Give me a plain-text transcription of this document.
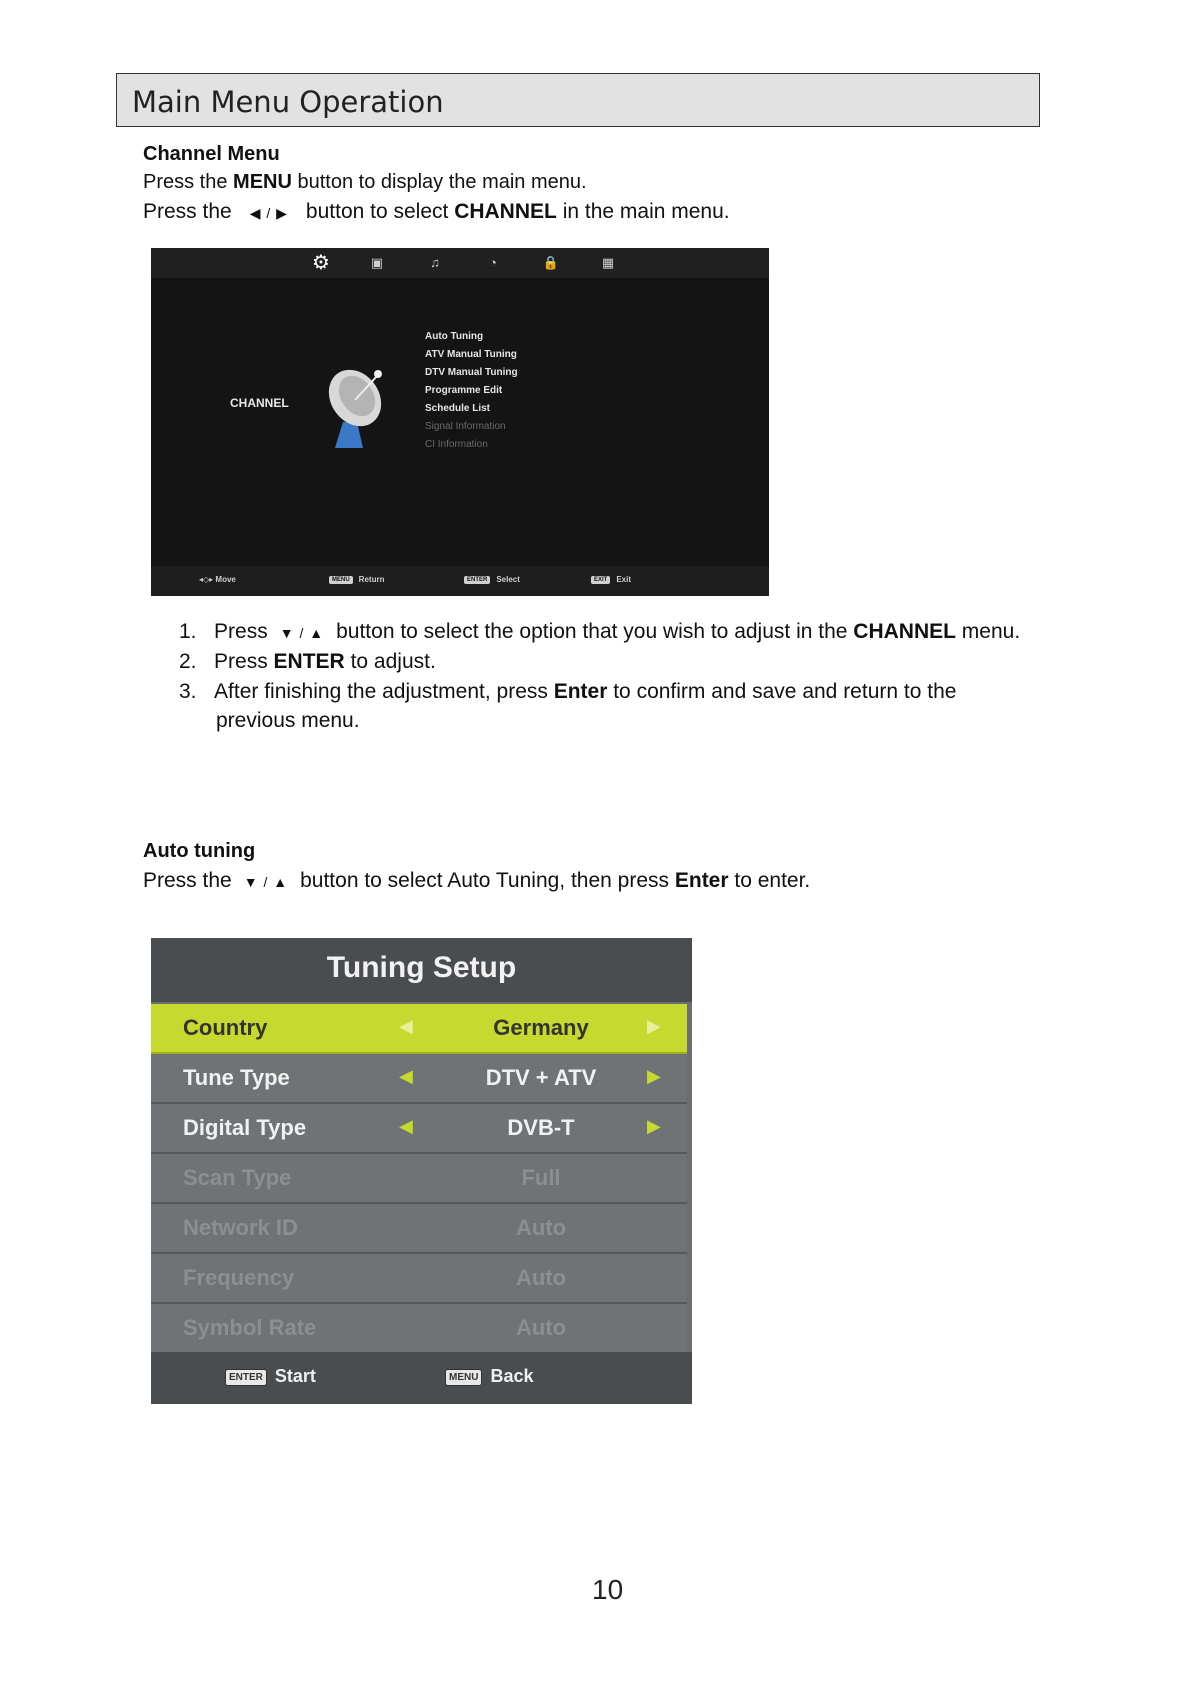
Main Menu Operation
Channel Menu
Press the MENU button to display the main menu.
Press the ◀ / ▶ button to select CHANNEL in the main menu.
⚙	▣	♫	◔	🔒	▦
CHANNEL
Auto Tuning
ATV Manual Tuning
DTV Manual Tuning
Programme Edit
Schedule List
Signal Information
CI Information
◂◇▸ Move	MENU Return	ENTER Select	EXIT Exit
1. Press ▼ / ▲ button to select the option that you wish to adjust in the CHANNEL menu.
2. Press ENTER to adjust.
3. After finishing the adjustment, press Enter to confirm and save and return to the
previous menu.
Auto tuning
Press the ▼ / ▲ button to select Auto Tuning, then press Enter to enter.
Tuning Setup
Country	◀	Germany	▶
Tune Type	◀	DTV + ATV	▶
Digital Type	◀	DVB-T	▶
Scan Type	Full
Network ID	Auto
Frequency	Auto
Symbol Rate	Auto
ENTER Start	MENU Back
10
